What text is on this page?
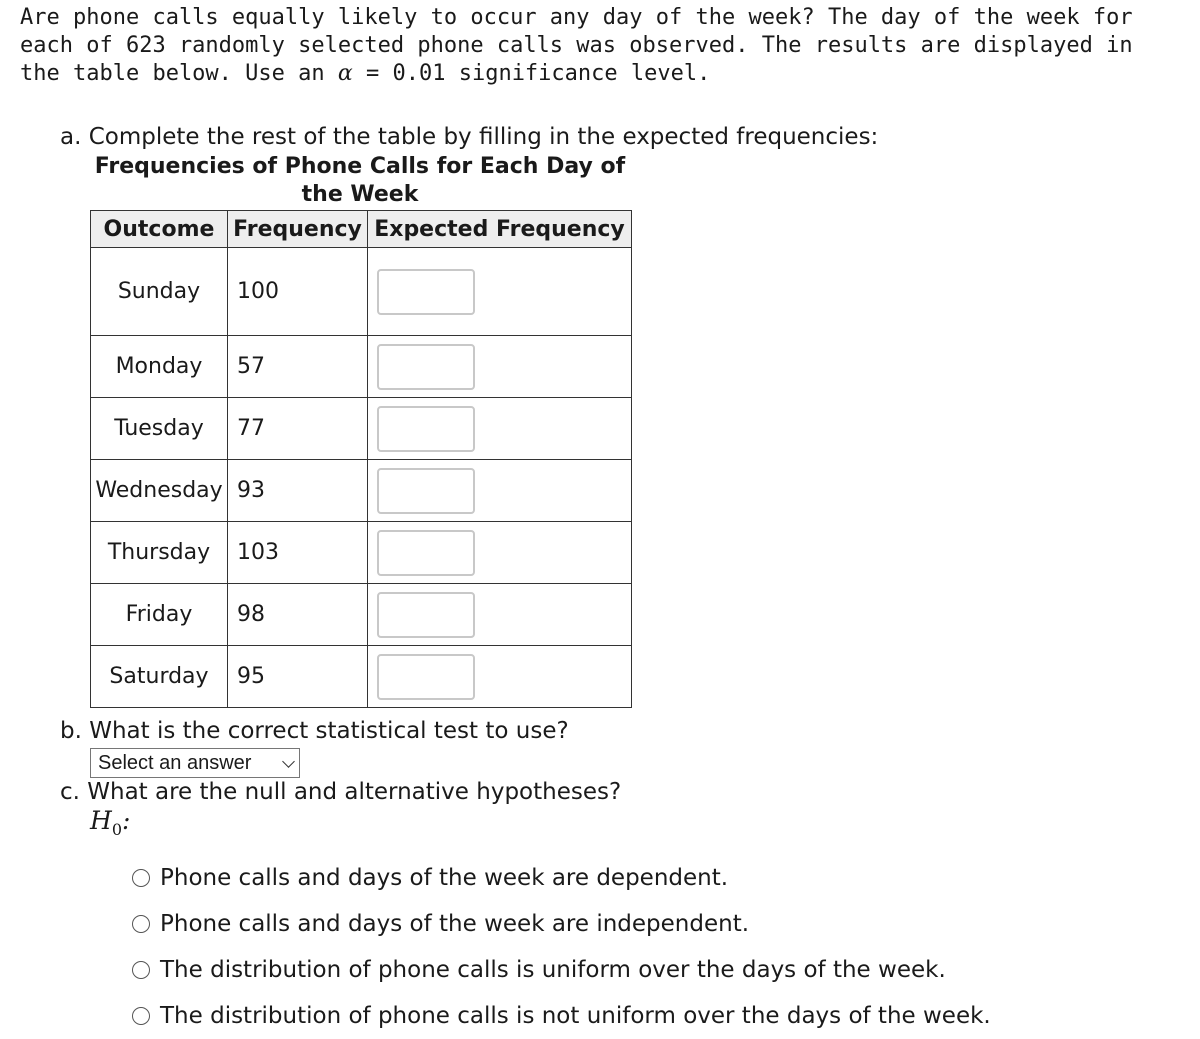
Are phone calls equally likely to occur any day of the week? The day of the week for each of 623 randomly selected phone calls was observed. The results are displayed in the table below. Use an α = 0.01 significance level.
a. Complete the rest of the table by filling in the expected frequencies:
Frequencies of Phone Calls for Each Day of the Week
Outcome	Frequency	Expected Frequency
Sunday	100	

Monday	57	

Tuesday	77	

Wednesday	93	

Thursday	103	

Friday	98	

Saturday	95	
b. What is the correct statistical test to use?
Select an answer
c. What are the null and alternative hypotheses?
$H_0$:
Phone calls and days of the week are dependent.
Phone calls and days of the week are independent.
The distribution of phone calls is uniform over the days of the week.
The distribution of phone calls is not uniform over the days of the week.
